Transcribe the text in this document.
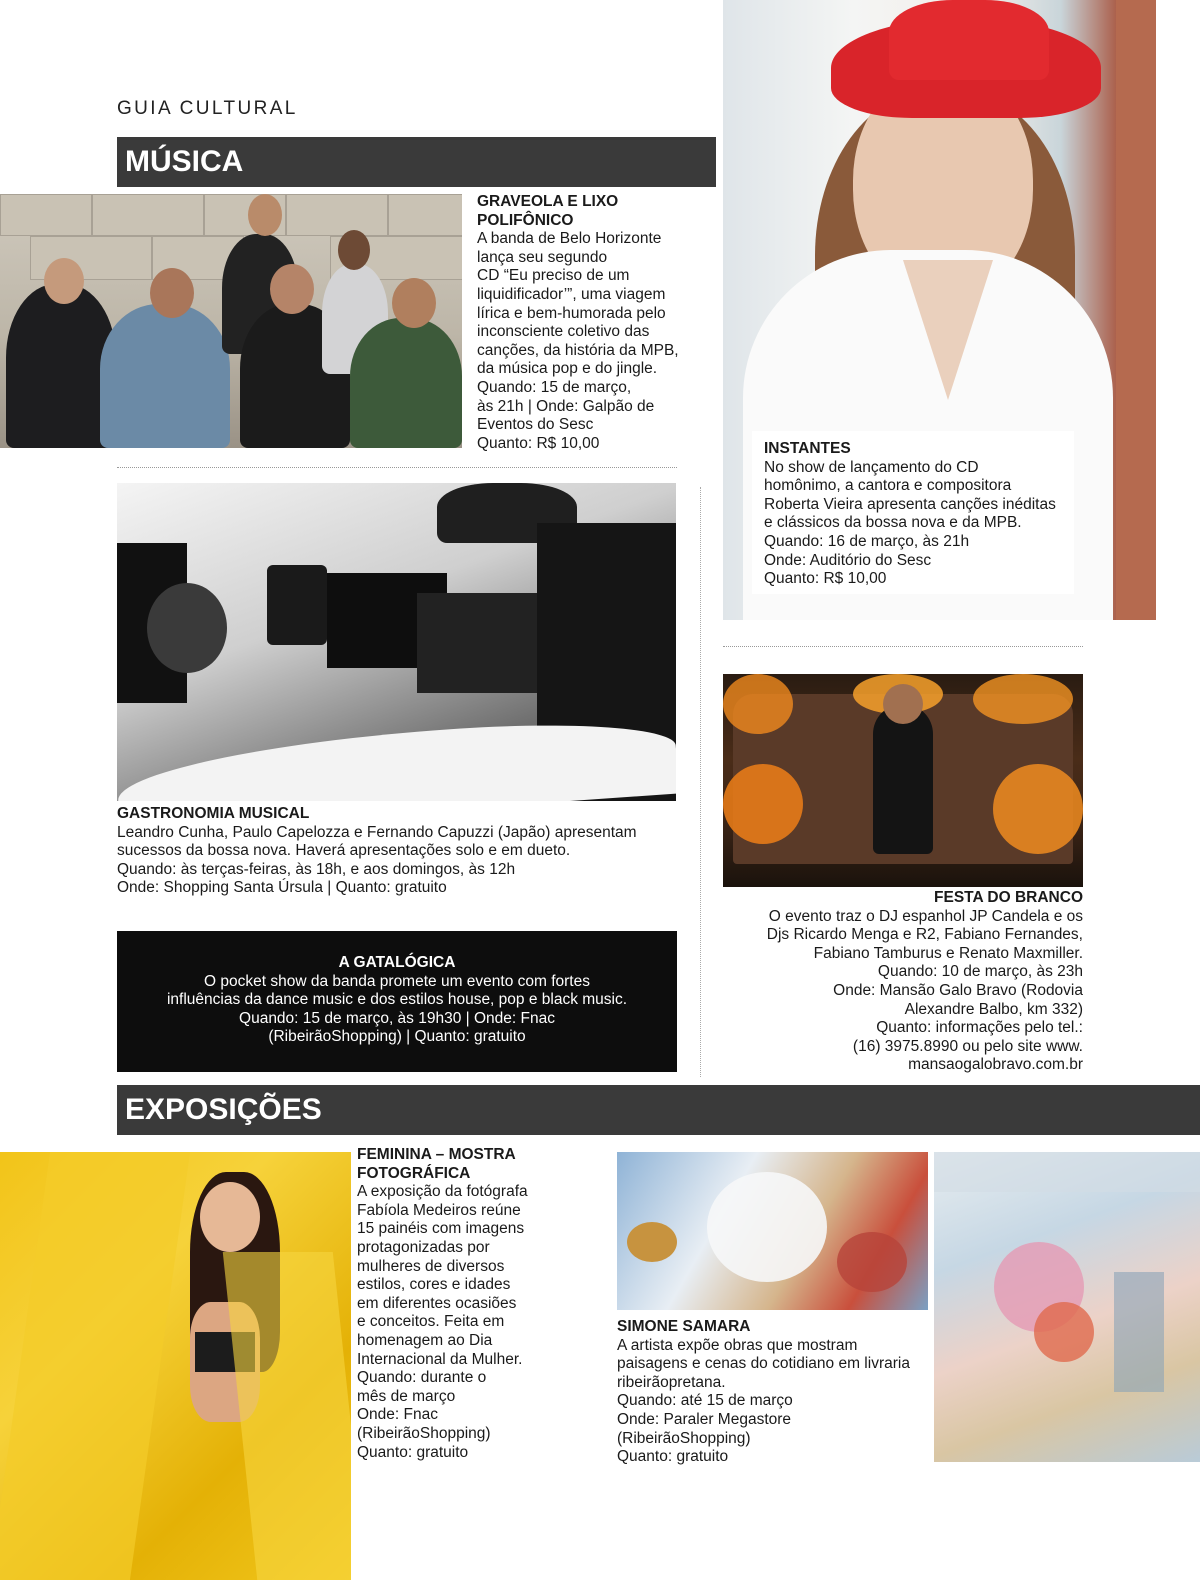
GUIA CULTURAL
MÚSICA
GRAVEOLA E LIXO
POLIFÔNICO
A banda de Belo Horizonte
lança seu segundo
CD “Eu preciso de um
liquidificador’”, uma viagem
lírica e bem-humorada pelo
inconsciente coletivo das
canções, da história da MPB,
da música pop e do jingle.
Quando: 15 de março,
às 21h | Onde: Galpão de
Eventos do Sesc
Quanto: R$ 10,00
GASTRONOMIA MUSICAL
Leandro Cunha, Paulo Capelozza e Fernando Capuzzi (Japão) apresentam
sucessos da bossa nova. Haverá apresentações solo e em dueto.
Quando: às terças-feiras, às 18h, e aos domingos, às 12h
Onde: Shopping Santa Úrsula | Quanto: gratuito
A GATALÓGICA
O pocket show da banda promete um evento com fortes
influências da dance music e dos estilos house, pop e black music.
Quando: 15 de março, às 19h30 | Onde: Fnac
(RibeirãoShopping) | Quanto: gratuito
INSTANTES
No show de lançamento do CD
homônimo, a cantora e compositora
Roberta Vieira apresenta canções inéditas
e clássicos da bossa nova e da MPB.
Quando: 16 de março, às 21h
Onde: Auditório do Sesc
Quanto: R$ 10,00
FESTA DO BRANCO
O evento traz o DJ espanhol JP Candela e os
Djs Ricardo Menga e R2, Fabiano Fernandes,
Fabiano Tamburus e Renato Maxmiller.
Quando: 10 de março, às 23h
Onde: Mansão Galo Bravo (Rodovia
Alexandre Balbo, km 332)
Quanto: informações pelo tel.:
(16) 3975.8990 ou pelo site www.
mansaogalobravo.com.br
EXPOSIÇÕES
FEMININA – MOSTRA
FOTOGRÁFICA
A exposição da fotógrafa
Fabíola Medeiros reúne
15 painéis com imagens
protagonizadas por
mulheres de diversos
estilos, cores e idades
em diferentes ocasiões
e conceitos. Feita em
homenagem ao Dia
Internacional da Mulher.
Quando: durante o
mês de março
Onde: Fnac
(RibeirãoShopping)
Quanto: gratuito
SIMONE SAMARA
A artista expõe obras que mostram
paisagens e cenas do cotidiano em livraria
ribeirãopretana.
Quando: até 15 de março
Onde: Paraler Megastore
(RibeirãoShopping)
Quanto: gratuito
